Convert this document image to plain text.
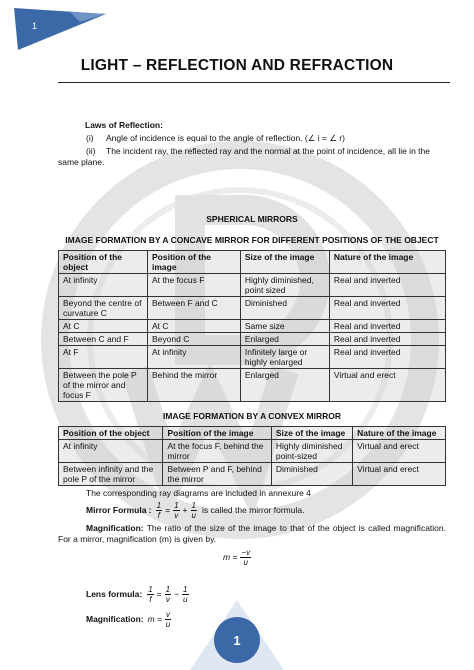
1
LIGHT – REFLECTION AND REFRACTION
Laws of Reflection:
(i) Angle of incidence is equal to the angle of reflection. (∠ i = ∠ r)
(ii) The incident ray, the reflected ray and the normal at the point of incidence, all lie in the same plane.
SPHERICAL MIRRORS
IMAGE FORMATION BY A CONCAVE MIRROR FOR DIFFERENT POSITIONS OF THE OBJECT
Position of the object	Position of the image	Size of the image	Nature of the image
At infinity	At the focus F	Highly diminished, point sized	Real and inverted
Beyond the centre of curvature C	Between F and C	Diminished	Real and inverted
At C	At C	Same size	Real and inverted
Between C and F	Beyond C	Enlarged	Real and inverted
At F	At infinity	Infinitely large or highly enlarged	Real and inverted
Between the pole P of the mirror and focus F	Behind the mirror	Enlarged	Virtual and erect
IMAGE FORMATION BY A CONVEX MIRROR
Position of the object	Position of the image	Size of the image	Nature of the image
At infinity	At the focus F, behind the mirror	Highly diminished point-sized	Virtual and erect
Between infinity and the pole P of the mirror	Between P and F, behind the mirror	Diminished	Virtual and erect
The corresponding ray diagrams are included in annexure 4
Mirror Formula : $\frac{1}{f} = \frac{1}{v} + \frac{1}{u}$ is called the mirror formula.
Magnification: The ratio of the size of the image to that of the object is called magnification. For a mirror, magnification (m) is given by.
$m = \frac{-v}{u}$
Lens formula: $\frac{1}{f} = \frac{1}{v} - \frac{1}{u}$
Magnification: $m = \frac{v}{u}$
1
